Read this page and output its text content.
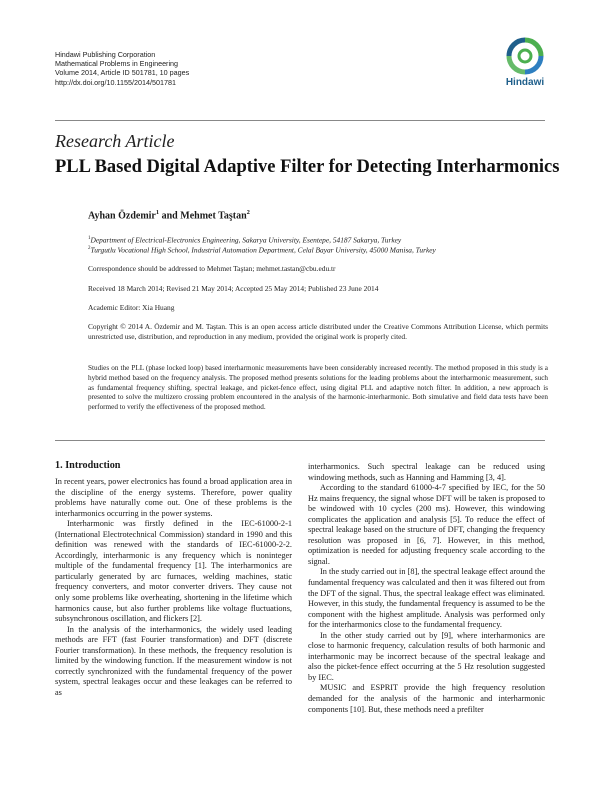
Hindawi Publishing Corporation
Mathematical Problems in Engineering
Volume 2014, Article ID 501781, 10 pages
http://dx.doi.org/10.1155/2014/501781	Hindawi
Research Article
PLL Based Digital Adaptive Filter for Detecting Interharmonics
Ayhan Özdemir$^1$ and Mehmet Taştan$^2$
$^1$Department of Electrical-Electronics Engineering, Sakarya University, Esentepe, 54187 Sakarya, Turkey
$^2$Turgutlu Vocational High School, Industrial Automation Department, Celal Bayar University, 45000 Manisa, Turkey
Correspondence should be addressed to Mehmet Taştan; mehmet.tastan@cbu.edu.tr
Received 18 March 2014; Revised 21 May 2014; Accepted 25 May 2014; Published 23 June 2014
Academic Editor: Xia Huang
Copyright © 2014 A. Özdemir and M. Taştan. This is an open access article distributed under the Creative Commons Attribution License, which permits unrestricted use, distribution, and reproduction in any medium, provided the original work is properly cited.
Studies on the PLL (phase locked loop) based interharmonic measurements have been considerably increased recently. The method proposed in this study is a hybrid method based on the frequency analysis. The proposed method presents solutions for the leading problems about the interharmonic measurement, such as fundamental frequency shifting, spectral leakage, and picket-fence effect, using digital PLL and adaptive notch filter. In addition, a new approach is presented to solve the multizero crossing problem encountered in the analysis of the harmonic-interharmonic. Both simulative and field data tests have been performed to verify the effectiveness of the proposed method.
1. Introduction

In recent years, power electronics has found a broad application area in the discipline of the energy systems. Therefore, power quality problems have naturally come out. One of these problems is the interharmonics occurring in the power systems.

Interharmonic was firstly defined in the IEC-61000-2-1 (International Electrotechnical Commission) standard in 1990 and this definition was renewed with the standards of IEC-61000-2-2. Accordingly, interharmonic is any frequency which is noninteger multiple of the fundamental frequency [1]. The interharmonics are particularly generated by arc furnaces, welding machines, static frequency converters, and motor converter drivers. They cause not only some problems like overheating, shortening in the lifetime which harmonics cause, but also further problems like voltage fluctuations, subsynchronous oscillation, and flickers [2].

In the analysis of the interharmonics, the widely used leading methods are FFT (fast Fourier transformation) and DFT (discrete Fourier transformation). In these methods, the frequency resolution is limited by the windowing function. If the measurement window is not correctly synchronized with the fundamental frequency of the power system, spectral leakages occur and these leakages can be referred to as

interharmonics. Such spectral leakage can be reduced using windowing methods, such as Hanning and Hamming [3, 4].

According to the standard 61000-4-7 specified by IEC, for the 50 Hz mains frequency, the signal whose DFT will be taken is proposed to be windowed with 10 cycles (200 ms). However, this windowing complicates the application and analysis [5]. To reduce the effect of spectral leakage based on the structure of DFT, changing the frequency resolution was proposed in [6, 7]. However, in this method, optimization is needed for adjusting frequency scale according to the signal.

In the study carried out in [8], the spectral leakage effect around the fundamental frequency was calculated and then it was filtered out from the DFT of the signal. Thus, the spectral leakage effect was eliminated. However, in this study, the fundamental frequency is assumed to be the component with the highest amplitude. Analysis was performed only for the interharmonics close to the fundamental frequency.

In the other study carried out by [9], where interharmonics are close to harmonic frequency, calculation results of both harmonic and interharmonic may be incorrect because of the spectral leakage and also the picket-fence effect occurring at the 5 Hz resolution suggested by IEC.

MUSIC and ESPRIT provide the high frequency resolution demanded for the analysis of the harmonic and interharmonic components [10]. But, these methods need a prefilter
